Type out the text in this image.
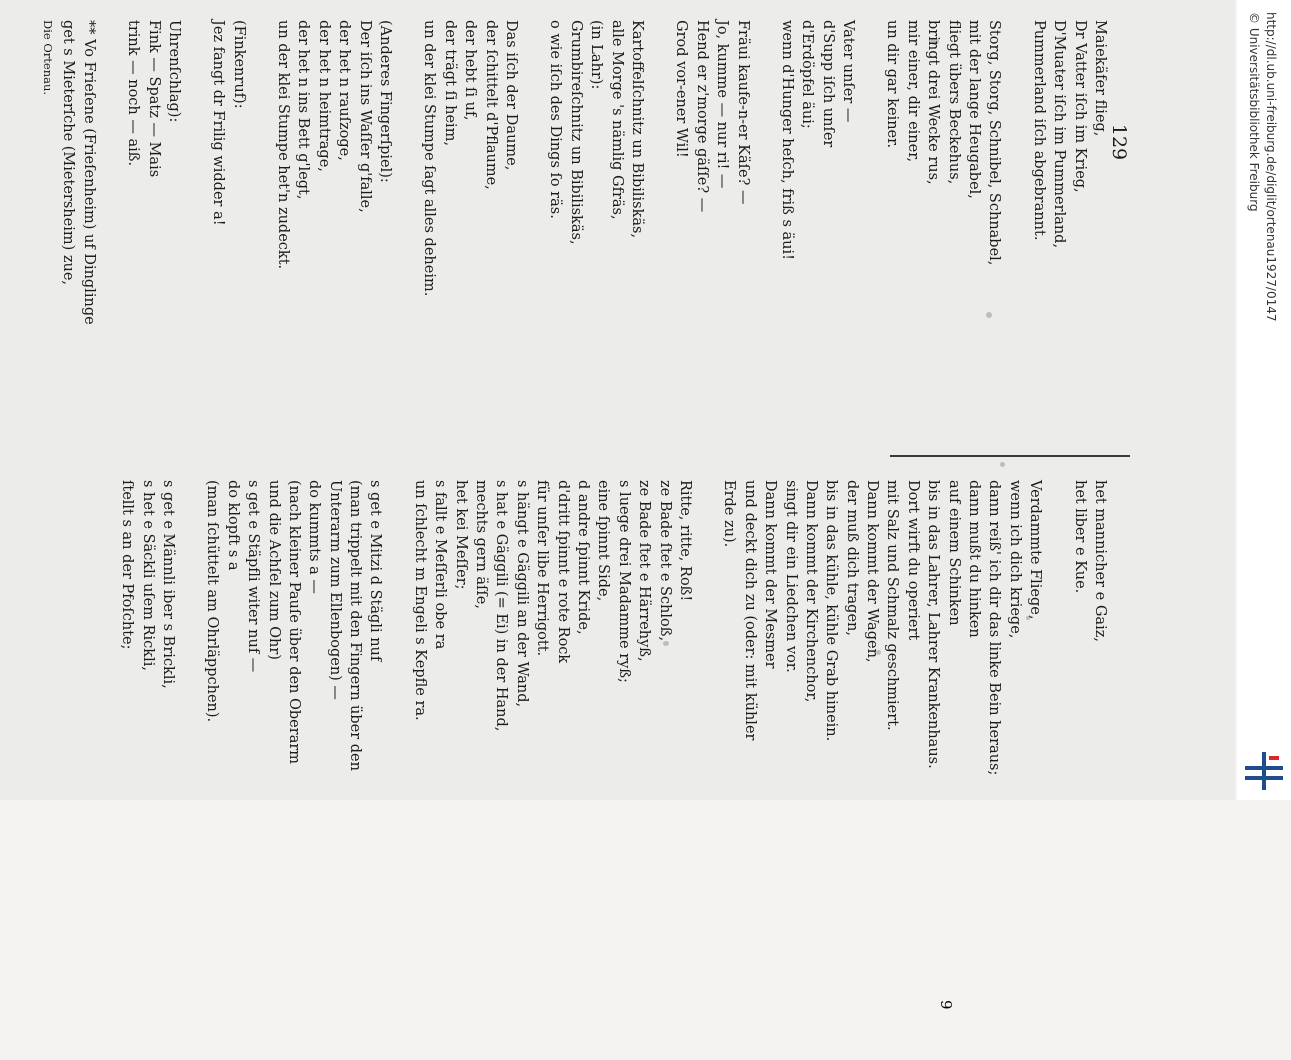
129
het mannicher e Gaiz,
het liber e Kue.
Verdammte Fliege,
wenn ich dich kriege,
dann reiß' ich dir das linke Bein heraus;
dann mußt du hinken
auf einem Schinken
bis in das Lahrer, Lahrer Krankenhaus.
Dort wirft du operiert
mit Salz und Schmalz geschmiert.
Dann kommt der Wagen,
der muß dich tragen,
bis in das kühle, kühle Grab hinein.
Dann kommt der Kirchenchor,
singt dir ein Liedchen vor.
Dann kommt der Mesmer
und deckt dich zu (oder: mit kühler
Erde zu).
Ritte, ritte, Roß!
ze Bade ſtet e Schloß,
ze Bade ſtet e Härrehyß,
s luege drei Madamme ryß;
eine ſpinnt Side,
d andre ſpinnt Kride,
d'dritt ſpinnt e rote Rock
für unſer libe Herrigott.
s hängt e Gäggili an der Wand,
s hat e Gäggili (= Ei) in der Hand,
mechts gern äſſe,
het kei Meſſer;
s fallt e Meſſerli obe ra
un ſchlecht m Engeli s Kepfle ra.
s get e Mitzi d Stägli nuf
(man trippelt mit den Fingern über den
Unterarm zum Ellenbogen) —
do kummts a —
(nach kleiner Pauſe über den Oberarm
und die Achſel zum Ohr)
s get e Stäpfli witer nuf —
do klopft s a
(man ſchüttelt am Ohrläppchen).
s get e Männli iber s Brickli,
s het e Säckli uſem Rickli,
ſtellt s an der Pfoſchte;
Maiekäfer flieg,
Dr Vatter iſch im Krieg,
D'Muater iſch im Pummerland,
Pummerland iſch abgebrannt.
Storg, Storg, Schnibel, Schnabel,
mit der lange Heugabel,
fliegt übers Beckehus,
bringt drei Wecke rus,
mir einer, dir einer,
un dir gar keiner.
Vater unſer —
d'Supp iſch unſer
d'Erdöpfel äui;
wenn d'Hunger heſch, friß s äui!
Fräui kaufe-n-er Käſe? —
Jo, kumme — nur ri! —
Hend er z'morge gäſſe? —
Grod vor-ener Wil!
Kartoffelſchnitz un Bibiliskäs,
alle Morge 's nämlig Gfräs,
(in Lahr):
Grumbireſchnitz un Bibiliskäs,
o wie iſch des Dings ſo räs.
Das iſch der Daume,
der ſchittelt d'Pflaume,
der hebt ſi uf,
der trägt ſi heim,
un der klei Stumpe ſagt alles deheim.
(Anderes Fingerſpiel):
Der iſch ins Waſſer g'falle,
der het n rauſzoge,
der het n heimtrage,
der het n ins Bett g'legt,
un der klei Stumpe het'n zudeckt.
(Finkenruf):
Jez fangt dr Frilig widder a!
Uhrenſchlag):
Fink — Spatz — Mais
trink — noch — aiß.
** Vo Frieſene (Frieſenheim) uf Dinglinge
get s Mieterſche (Mietersheim) zue,
Die Ortenau.
9
http://dl.ub.uni-freiburg.de/diglit/ortenau1927/0147
© Universitätsbibliothek Freiburg
